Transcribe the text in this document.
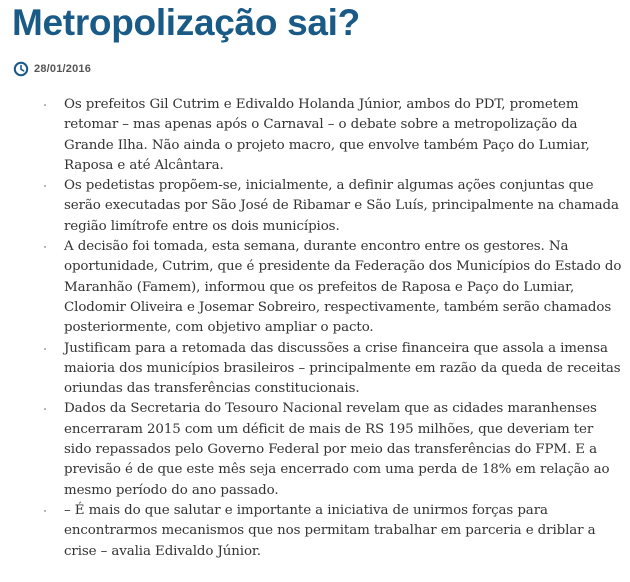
Metropolização sai?
28/01/2016
Os prefeitos Gil Cutrim e Edivaldo Holanda Júnior, ambos do PDT, prometem retomar – mas apenas após o Carnaval – o debate sobre a metropolização da Grande Ilha. Não ainda o projeto macro, que envolve também Paço do Lumiar, Raposa e até Alcântara.
Os pedetistas propõem-se, inicialmente, a definir algumas ações conjuntas que serão executadas por São José de Ribamar e São Luís, principalmente na chamada região limítrofe entre os dois municípios.
A decisão foi tomada, esta semana, durante encontro entre os gestores. Na oportunidade, Cutrim, que é presidente da Federação dos Municípios do Estado do Maranhão (Famem), informou que os prefeitos de Raposa e Paço do Lumiar, Clodomir Oliveira e Josemar Sobreiro, respectivamente, também serão chamados posteriormente, com objetivo ampliar o pacto.
Justificam para a retomada das discussões a crise financeira que assola a imensa maioria dos municípios brasileiros – principalmente em razão da queda de receitas oriundas das transferências constitucionais.
Dados da Secretaria do Tesouro Nacional revelam que as cidades maranhenses encerraram 2015 com um déficit de mais de RS 195 milhões, que deveriam ter sido repassados pelo Governo Federal por meio das transferências do FPM. E a previsão é de que este mês seja encerrado com uma perda de 18% em relação ao mesmo período do ano passado.
– É mais do que salutar e importante a iniciativa de unirmos forças para encontrarmos mecanismos que nos permitam trabalhar em parceria e driblar a crise – avalia Edivaldo Júnior.
